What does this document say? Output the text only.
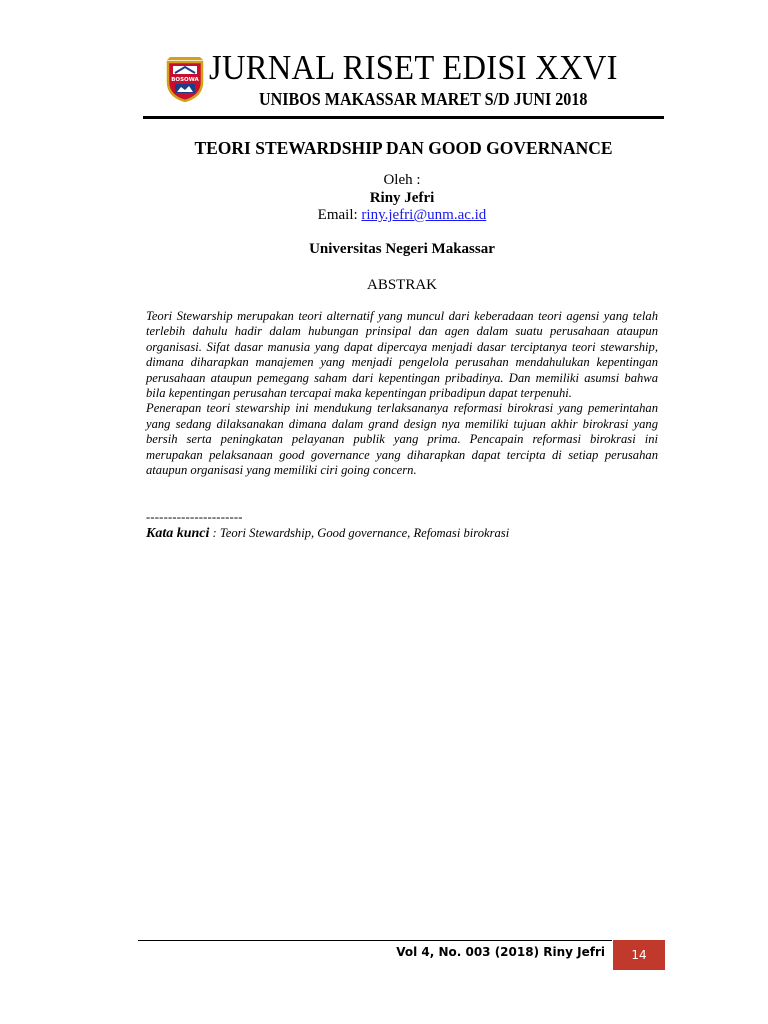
BOSOWA JURNAL RISET EDISI XXVI
UNIBOS MAKASSAR MARET S/D JUNI 2018
TEORI STEWARDSHIP DAN GOOD GOVERNANCE
Oleh :
Riny Jefri
Email: riny.jefri@unm.ac.id
Universitas Negeri Makassar
ABSTRAK

Teori Stewarship merupakan teori alternatif yang muncul dari keberadaan teori agensi yang telah terlebih dahulu hadir dalam hubungan prinsipal dan agen dalam suatu perusahaan ataupun organisasi. Sifat dasar manusia yang dapat dipercaya menjadi dasar terciptanya teori stewarship, dimana diharapkan manajemen yang menjadi pengelola perusahan mendahulukan kepentingan perusahaan ataupun pemegang saham dari kepentingan pribadinya. Dan memiliki asumsi bahwa bila kepentingan perusahan tercapai maka kepentingan pribadipun dapat terpenuhi.

Penerapan teori stewarship ini mendukung terlaksananya reformasi birokrasi yang pemerintahan yang sedang dilaksanakan dimana dalam grand design nya memiliki tujuan akhir birokrasi yang bersih serta peningkatan pelayanan publik yang prima. Pencapain reformasi birokrasi ini merupakan pelaksanaan good governance yang diharapkan dapat tercipta di setiap perusahan ataupun organisasi yang memiliki ciri going concern.

----------------------
Kata kunci : Teori Stewardship, Good governance, Refomasi birokrasi
Vol 4, No. 003 (2018) Riny Jefri 14
